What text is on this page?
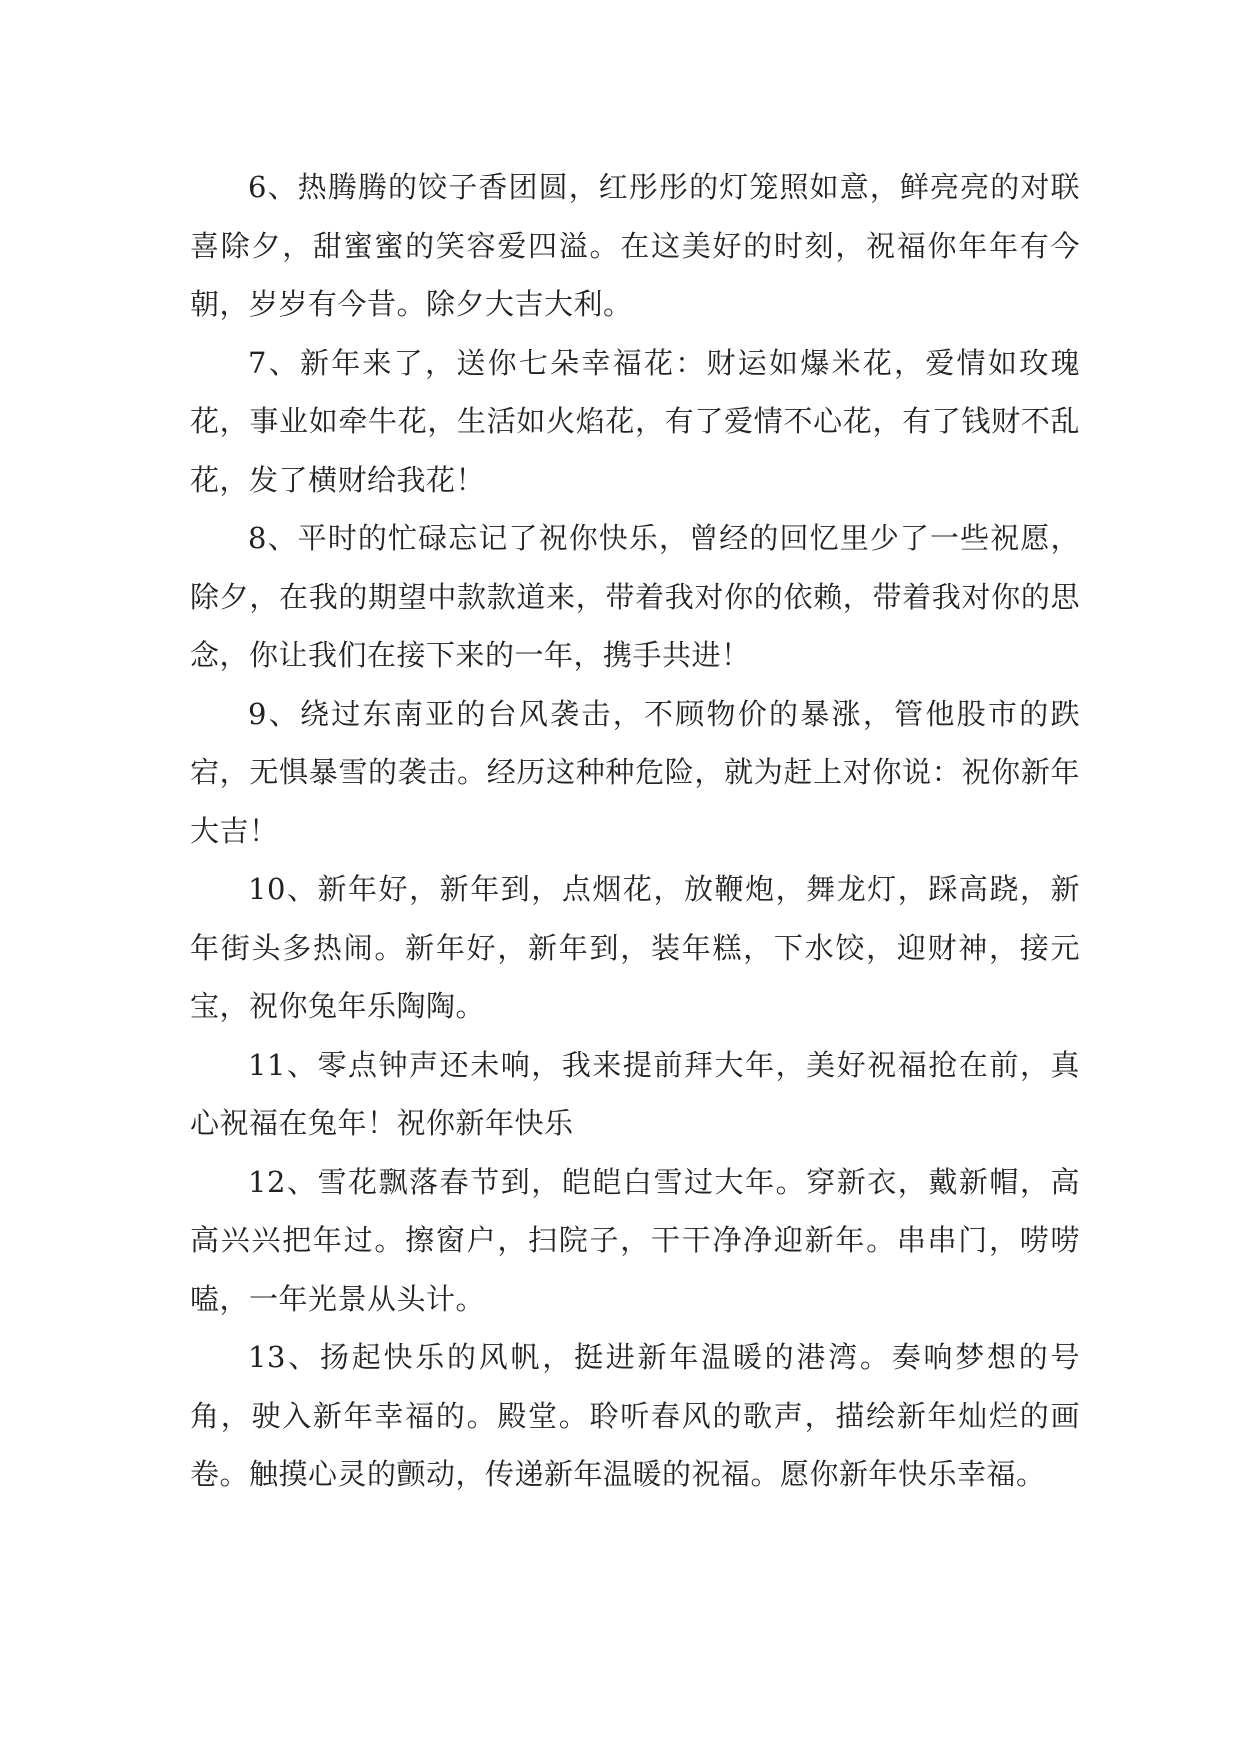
6、热腾腾的饺子香团圆，红彤彤的灯笼照如意，鲜亮亮的对联喜除夕，甜蜜蜜的笑容爱四溢。在这美好的时刻，祝福你年年有今朝，岁岁有今昔。除夕大吉大利。

7、新年来了，送你七朵幸福花：财运如爆米花，爱情如玫瑰花，事业如牵牛花，生活如火焰花，有了爱情不心花，有了钱财不乱花，发了横财给我花！

8、平时的忙碌忘记了祝你快乐，曾经的回忆里少了一些祝愿，除夕，在我的期望中款款道来，带着我对你的依赖，带着我对你的思念，你让我们在接下来的一年，携手共进！

9、绕过东南亚的台风袭击，不顾物价的暴涨，管他股市的跌宕，无惧暴雪的袭击。经历这种种危险，就为赶上对你说：祝你新年大吉！

10、新年好，新年到，点烟花，放鞭炮，舞龙灯，踩高跷，新年街头多热闹。新年好，新年到，装年糕，下水饺，迎财神，接元宝，祝你兔年乐陶陶。

11、零点钟声还未响，我来提前拜大年，美好祝福抢在前，真心祝福在兔年！祝你新年快乐

12、雪花飘落春节到，皑皑白雪过大年。穿新衣，戴新帽，高高兴兴把年过。擦窗户，扫院子，干干净净迎新年。串串门，唠唠嗑，一年光景从头计。

13、扬起快乐的风帆，挺进新年温暖的港湾。奏响梦想的号角，驶入新年幸福的。殿堂。聆听春风的歌声，描绘新年灿烂的画卷。触摸心灵的颤动，传递新年温暖的祝福。愿你新年快乐幸福。
